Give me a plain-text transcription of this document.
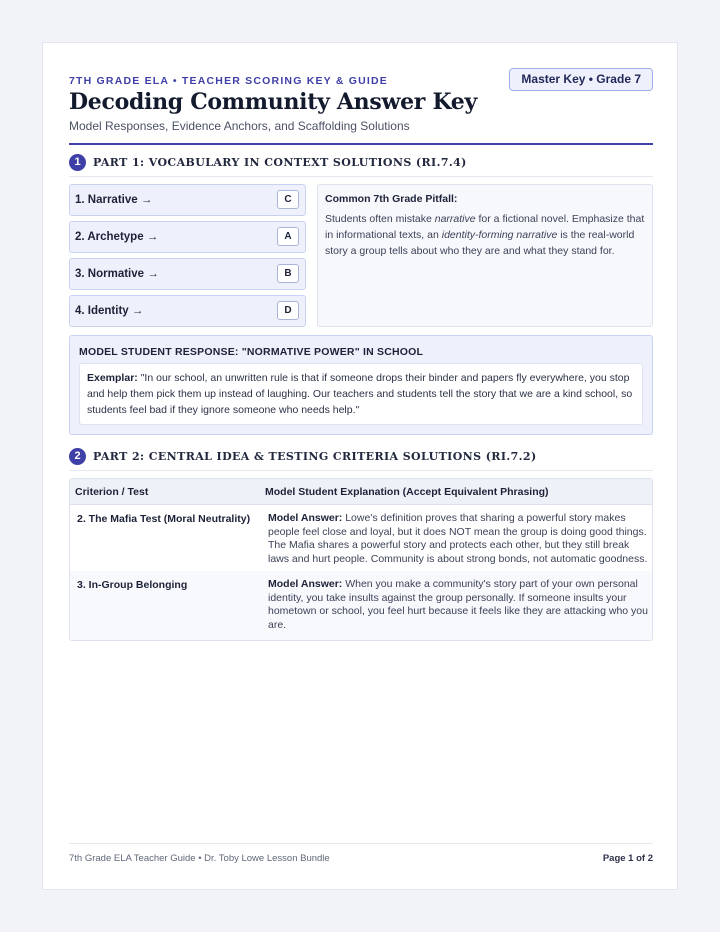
7TH GRADE ELA • TEACHER SCORING KEY & GUIDE
Decoding Community Answer Key
Model Responses, Evidence Anchors, and Scaffolding Solutions
Master Key • Grade 7
1	PART 1: VOCABULARY IN CONTEXT SOLUTIONS (RI.7.4)
1. Narrative →	C
2. Archetype →	A
3. Normative →	B
4. Identity →	D
Common 7th Grade Pitfall:
Students often mistake narrative for a fictional novel. Emphasize that in informational texts, an identity-forming narrative is the real-world story a group tells about who they are and what they stand for.
MODEL STUDENT RESPONSE: "NORMATIVE POWER" IN SCHOOL
Exemplar: "In our school, an unwritten rule is that if someone drops their binder and papers fly everywhere, you stop and help them pick them up instead of laughing. Our teachers and students tell the story that we are a kind school, so students feel bad if they ignore someone who needs help."
2	PART 2: CENTRAL IDEA & TESTING CRITERIA SOLUTIONS (RI.7.2)
Criterion / Test	Model Student Explanation (Accept Equivalent Phrasing)
2. The Mafia Test (Moral Neutrality)	Model Answer: Lowe's definition proves that sharing a powerful story makes people feel close and loyal, but it does NOT mean the group is doing good things. The Mafia shares a powerful story and protects each other, but they still break laws and hurt people. Community is about strong bonds, not automatic goodness.
3. In-Group Belonging	Model Answer: When you make a community's story part of your own personal identity, you take insults against the group personally. If someone insults your hometown or school, you feel hurt because it feels like they are attacking who you are.
7th Grade ELA Teacher Guide • Dr. Toby Lowe Lesson Bundle	Page 1 of 2
